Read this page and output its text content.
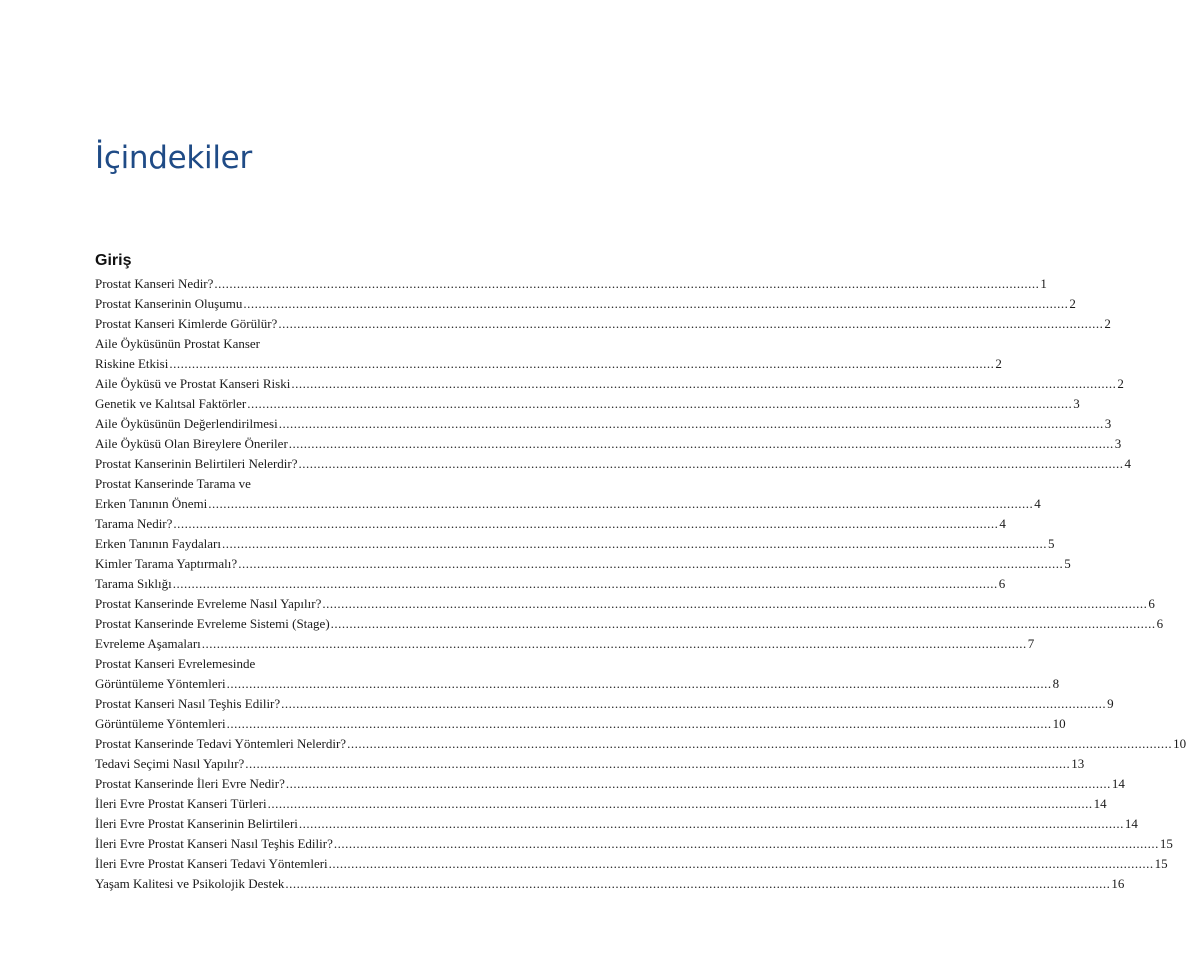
İçindekiler
Giriş
Prostat Kanseri Nedir? ............................................................................................................................................................................................................................ 1
Prostat Kanserinin Oluşumu ............................................................................................................................................................................................................................ 2
Prostat Kanseri Kimlerde Görülür? ............................................................................................................................................................................................................................ 2
Aile Öyküsünün Prostat Kanser
Riskine Etkisi ............................................................................................................................................................................................................................ 2
Aile Öyküsü ve Prostat Kanseri Riski ............................................................................................................................................................................................................................ 2
Genetik ve Kalıtsal Faktörler ............................................................................................................................................................................................................................ 3
Aile Öyküsünün Değerlendirilmesi ............................................................................................................................................................................................................................ 3
Aile Öyküsü Olan Bireylere Öneriler ............................................................................................................................................................................................................................ 3
Prostat Kanserinin Belirtileri Nelerdir? ............................................................................................................................................................................................................................ 4
Prostat Kanserinde Tarama ve
Erken Tanının Önemi ............................................................................................................................................................................................................................ 4
Tarama Nedir? ............................................................................................................................................................................................................................ 4
Erken Tanının Faydaları ............................................................................................................................................................................................................................ 5
Kimler Tarama Yaptırmalı? ............................................................................................................................................................................................................................ 5
Tarama Sıklığı ............................................................................................................................................................................................................................ 6
Prostat Kanserinde Evreleme Nasıl Yapılır? ............................................................................................................................................................................................................................ 6
Prostat Kanserinde Evreleme Sistemi (Stage) ............................................................................................................................................................................................................................ 6
Evreleme Aşamaları ............................................................................................................................................................................................................................ 7
Prostat Kanseri Evrelemesinde
Görüntüleme Yöntemleri ............................................................................................................................................................................................................................ 8
Prostat Kanseri Nasıl Teşhis Edilir? ............................................................................................................................................................................................................................ 9
Görüntüleme Yöntemleri ............................................................................................................................................................................................................................ 10
Prostat Kanserinde Tedavi Yöntemleri Nelerdir? ............................................................................................................................................................................................................................ 10
Tedavi Seçimi Nasıl Yapılır? ............................................................................................................................................................................................................................ 13
Prostat Kanserinde İleri Evre Nedir? ............................................................................................................................................................................................................................ 14
İleri Evre Prostat Kanseri Türleri ............................................................................................................................................................................................................................ 14
İleri Evre Prostat Kanserinin Belirtileri ............................................................................................................................................................................................................................ 14
İleri Evre Prostat Kanseri Nasıl Teşhis Edilir? ............................................................................................................................................................................................................................ 15
İleri Evre Prostat Kanseri Tedavi Yöntemleri ............................................................................................................................................................................................................................ 15
Yaşam Kalitesi ve Psikolojik Destek ............................................................................................................................................................................................................................ 16
